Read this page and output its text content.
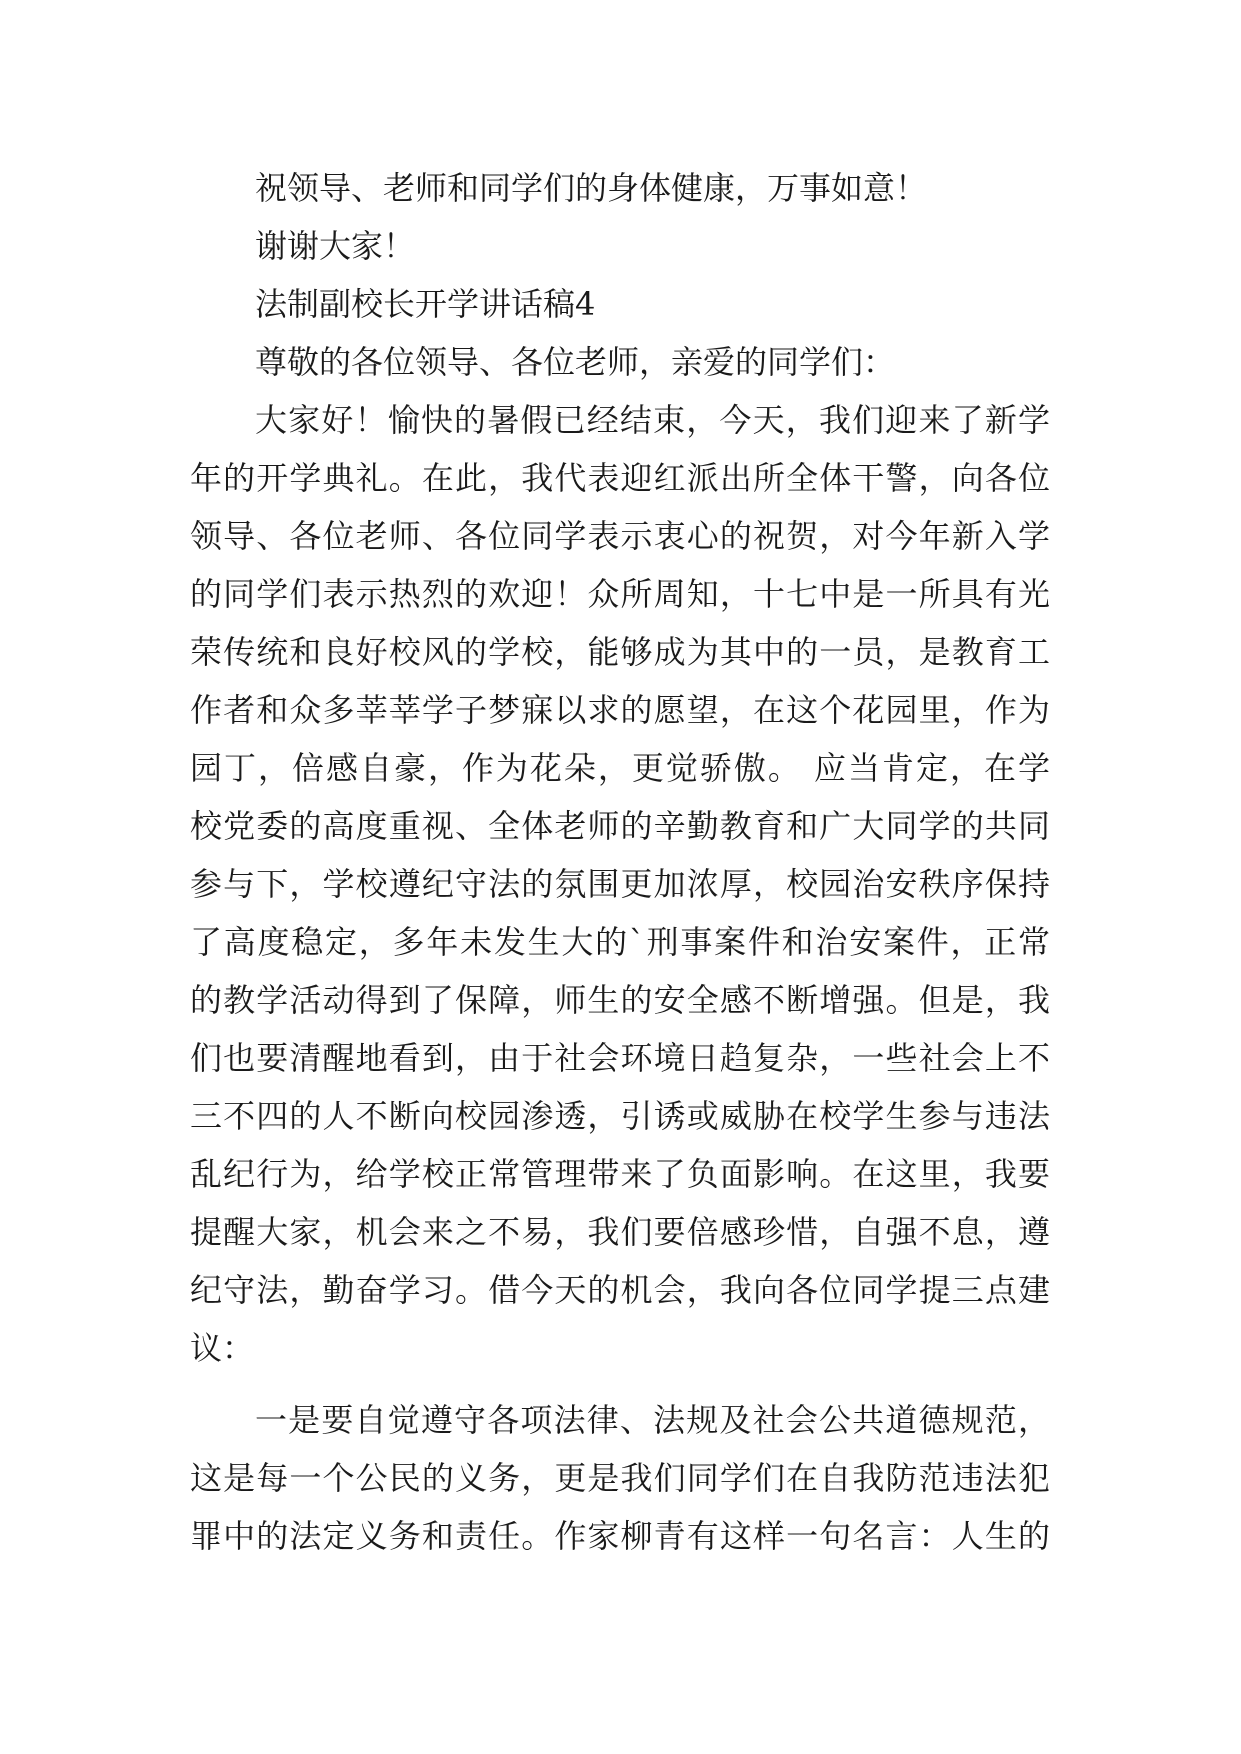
祝领导、老师和同学们的身体健康，万事如意！
谢谢大家！
法制副校长开学讲话稿4
尊敬的各位领导、各位老师，亲爱的同学们：
大家好！愉快的暑假已经结束，今天，我们迎来了新学
年的开学典礼。在此，我代表迎红派出所全体干警，向各位
领导、各位老师、各位同学表示衷心的祝贺，对今年新入学
的同学们表示热烈的欢迎！众所周知，十七中是一所具有光
荣传统和良好校风的学校，能够成为其中的一员，是教育工
作者和众多莘莘学子梦寐以求的愿望，在这个花园里，作为
园丁，倍感自豪，作为花朵，更觉骄傲。 应当肯定，在学
校党委的高度重视、全体老师的辛勤教育和广大同学的共同
参与下，学校遵纪守法的氛围更加浓厚，校园治安秩序保持
了高度稳定，多年未发生大的`刑事案件和治安案件，正常
的教学活动得到了保障，师生的安全感不断增强。但是，我
们也要清醒地看到，由于社会环境日趋复杂，一些社会上不
三不四的人不断向校园渗透，引诱或威胁在校学生参与违法
乱纪行为，给学校正常管理带来了负面影响。在这里，我要
提醒大家，机会来之不易，我们要倍感珍惜，自强不息，遵
纪守法，勤奋学习。借今天的机会，我向各位同学提三点建
议：
一是要自觉遵守各项法律、法规及社会公共道德规范，
这是每一个公民的义务，更是我们同学们在自我防范违法犯
罪中的法定义务和责任。作家柳青有这样一句名言：人生的
